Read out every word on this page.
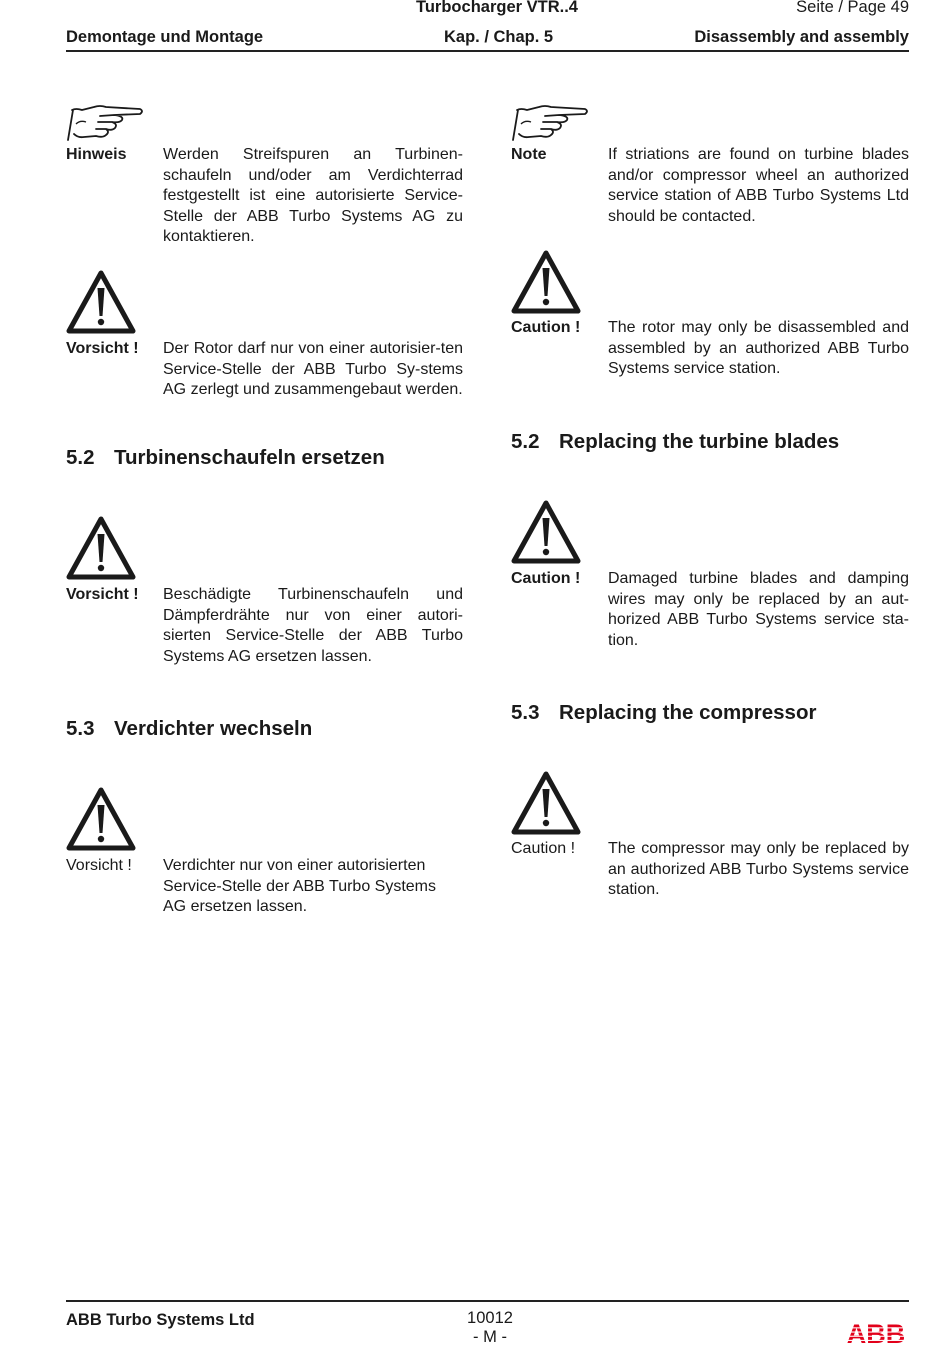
Turbocharger VTR..4	Seite / Page 49
Demontage und Montage	Kap. / Chap. 5	Disassembly and assembly
Hinweis Werden Streifspuren an Turbinen-schaufeln und/oder am Verdichterrad festgestellt ist eine autorisierte Service-Stelle der ABB Turbo Systems AG zu kontaktieren.
Vorsicht ! Der Rotor darf nur von einer autorisier-ten Service-Stelle der ABB Turbo Sy-stems AG zerlegt und zusammengebaut werden.
5.2 Turbinenschaufeln ersetzen
Vorsicht ! Beschädigte Turbinenschaufeln und Dämpferdrähte nur von einer autori-sierten Service-Stelle der ABB Turbo Systems AG ersetzen lassen.
5.3 Verdichter wechseln
Vorsicht ! Verdichter nur von einer autorisierten
Service-Stelle der ABB Turbo Systems
AG ersetzen lassen.
Note	If striations are found on turbine blades and/or compressor wheel an authorized service station of ABB Turbo Systems Ltd should be contacted.
Caution ! The rotor may only be disassembled and assembled by an authorized ABB Turbo Systems service station.
5.2 Replacing the turbine blades
Caution ! Damaged turbine blades and damping wires may only be replaced by an aut-horized ABB Turbo Systems service sta-tion.
5.3 Replacing the compressor
Caution ! The compressor may only be replaced by an authorized ABB Turbo Systems service station.
ABB Turbo Systems Ltd	10012
- M -	ABB
